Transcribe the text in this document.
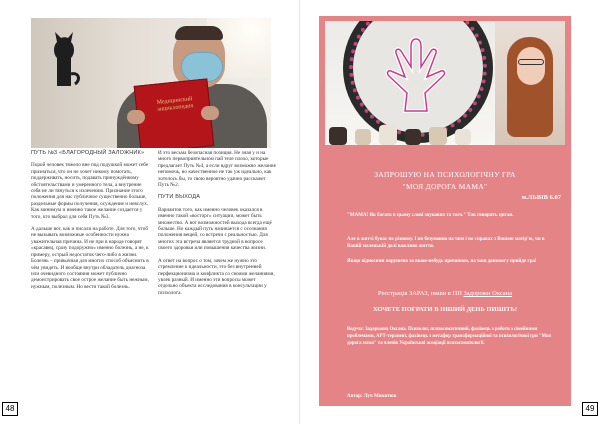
Медицинский энциклопедия
ПУТЬ №3 «БЛАГОРОДНЫЙ ЗАЛОЖНИК»

Порой человек тяжело вне под подушкой может себе признаться, что он не хочет никому помогать, поддерживать, носить, подавать принуждённому обстоятельствами и умеренного тела, а внутренне себя не ли тянуться к излечению. Признание этого положения для нас публичное существенно больше, раздельные формы получения, осуждение и невслух. Как минимум и именно такое желание создается у того, кто выбрал для себя Путь №3.

А дальше вот, как и писали на работе. Для того, чтоб не вызывать возможные особенности нужна уважительная причина. И не при в народе говорят «красавец, сразу подоружно» именно болезнь, а не, к примеру, острый недостаток чего-либо в жизни. Болезнь – привычная для многих способ объяснить в чём увидеть. И вообще внутри обладатель диагноза или очевидного состояния может публично демонстрировать свое острое желание быть нежным, нужным, полезным. Но вести такой болезнь.

И это весьма безопасная позиция. Не зная у и на много первоприятельном пай теле плохо, которые предлагает Путь №4, а если вдруг возможно желание непомочь, но качественное не так уж идеально, как хотелось бы, то свою вероятно удачно расскажет Путь №2.

ПУТИ ВЫХОДА

Вариантов того, как именно человек оказался в именно такой «восторг» ситуации, может быть множество. А вот возможностей выхода всегда ещё больше. Но каждый путь начинается с осознания положения вещей, со встречи с реальностью. Для многих эта встреча является трудной в вопросе своего здоровья или повышения качества жизни.

А ответ на вопрос о том, зачем же нужно это стремление к идеальности, это без внутренней перфекционизма и конфликта со своими желаниями, увлек разный. И именно эти вопросы может отдельно объекта исследования в консультации у психолога.

48
ЗАПРОШУЮ НА ПСИХОЛОГІЧНУ ГРА
"МОЯ ДОРОГА МАМА"
м.ЛЬВІВ 6.07
"МАМА! Як багато в цьому слові звукових та того." Так говорить циган.
Але в житті буває по різному. І ви безумовно на чим і по справах з Вашою матір'ю, чи в Вашій маленькій долі важливо життя.
Якщо відносини порушено за якою-небудь причиною, на ваш допомогу прийде гра!
Реєстрація ЗАРАЗ, пиши в ПП Задорожн Оксана
ХОЧЕТЕ ПОГРАТИ В ІНШИЙ ДЕНЬ ПИШІТЬ!
Ведуча: Задорожна Оксана. Психолог, психосоматичний, фахівець з роботи з сімейними проблемами, АРТ-терапевт, фахівець з метафор трансформаційної та психологічної гри "Моя дорога мама" та членів Української асоціації психосоматології.
Автор: Луч Микитюк
49
